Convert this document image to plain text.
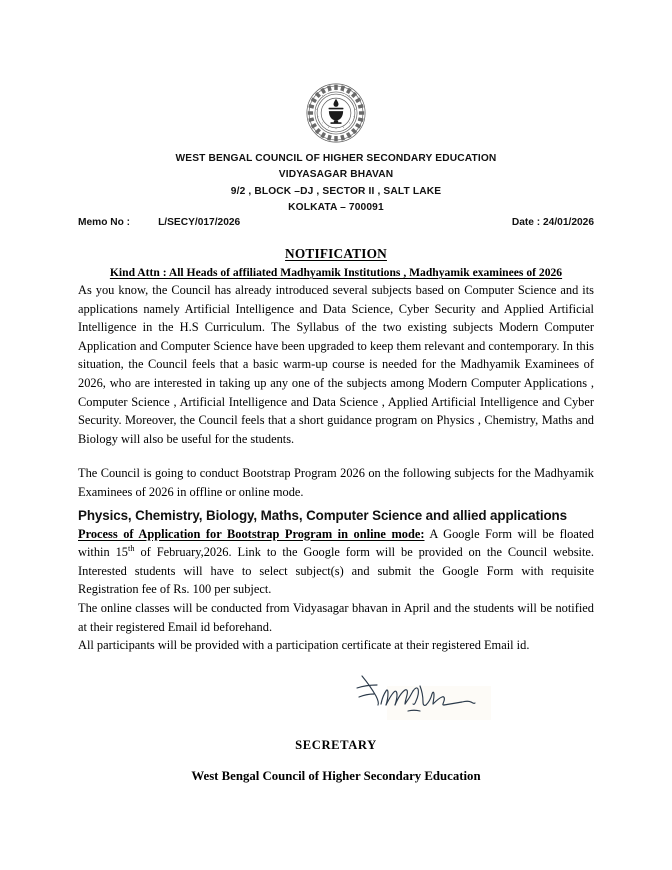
WEST BENGAL COUNCIL OF HIGHER SECONDARY EDUCATION
VIDYASAGAR BHAVAN
9/2 , BLOCK –DJ , SECTOR II , SALT LAKE
KOLKATA – 700091
Memo No :	L/SECY/017/2026	Date : 24/01/2026
NOTIFICATION
Kind Attn : All Heads of affiliated Madhyamik Institutions , Madhyamik examinees of 2026

As you know, the Council has already introduced several subjects based on Computer Science and its applications namely Artificial Intelligence and Data Science, Cyber Security and Applied Artificial Intelligence in the H.S Curriculum. The Syllabus of the two existing subjects Modern Computer Application and Computer Science have been upgraded to keep them relevant and contemporary. In this situation, the Council feels that a basic warm-up course is needed for the Madhyamik Examinees of 2026, who are interested in taking up any one of the subjects among Modern Computer Applications , Computer Science , Artificial Intelligence and Data Science , Applied Artificial Intelligence and Cyber Security. Moreover, the Council feels that a short guidance program on Physics , Chemistry, Maths and Biology will also be useful for the students.

The Council is going to conduct Bootstrap Program 2026 on the following subjects for the Madhyamik Examinees of 2026 in offline or online mode.

Physics, Chemistry, Biology, Maths, Computer Science and allied applications

Process of Application for Bootstrap Program in online mode: A Google Form will be floated within 15th of February,2026. Link to the Google form will be provided on the Council website. Interested students will have to select subject(s) and submit the Google Form with requisite Registration fee of Rs. 100 per subject.

The online classes will be conducted from Vidyasagar bhavan in April and the students will be notified at their registered Email id beforehand.

All participants will be provided with a participation certificate at their registered Email id.

SECRETARY
West Bengal Council of Higher Secondary Education
